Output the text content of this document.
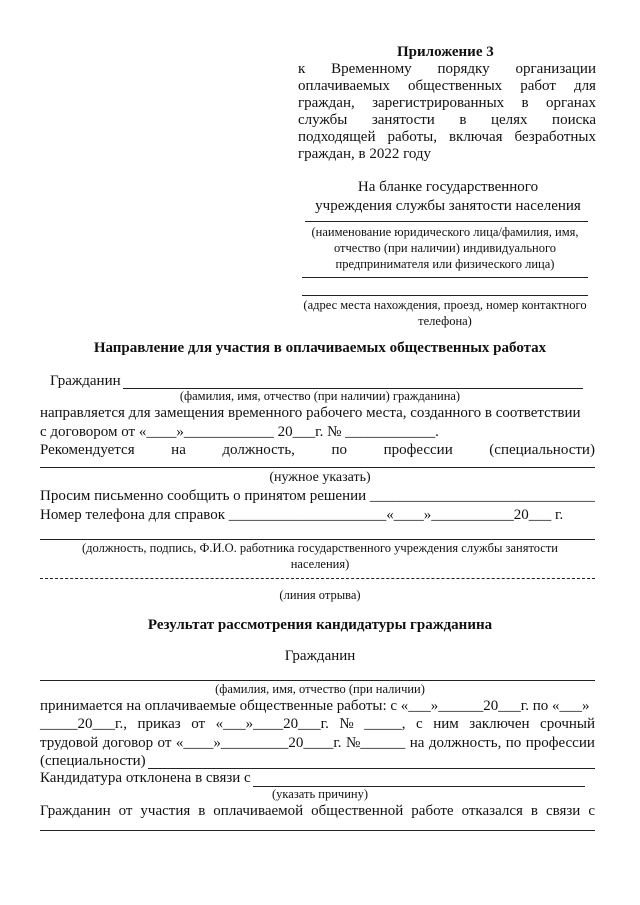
Приложение 3
к Временному порядку организации
оплачиваемых общественных работ для
граждан, зарегистрированных в органах
службы занятости в целях поиска
подходящей работы, включая безработных
граждан, в 2022 году
На бланке государственного
учреждения службы занятости населения
(наименование юридического лица/фамилия, имя,
отчество (при наличии) индивидуального
предпринимателя или физического лица)
(адрес места нахождения, проезд, номер контактного
телефона)
Направление для участия в оплачиваемых общественных работах
Гражданин
(фамилия, имя, отчество (при наличии) гражданина)
направляется для замещения временного рабочего места, созданного в соответствии
с договором от «____»____________ 20___г. № ____________.
Рекомендуется на должность, по профессии (специальности)
(нужное указать)
Просим письменно сообщить о принятом решении ______________________________
Номер телефона для справок _____________________«____»___________20___ г.
(должность, подпись, Ф.И.О. работника государственного учреждения службы занятости
населения)
(линия отрыва)
Результат рассмотрения кандидатуры гражданина
Гражданин
(фамилия, имя, отчество (при наличии)
принимается на оплачиваемые общественные работы: с «___»______20___г. по «___»
_____20___г., приказ от «___»____20___г. № _____, с ним заключен срочный
трудовой договор от «____»_________20____г. №______ на должность, по профессии
(специальности)
Кандидатура отклонена в связи с
(указать причину)
Гражданин от участия в оплачиваемой общественной работе отказался в связи с
